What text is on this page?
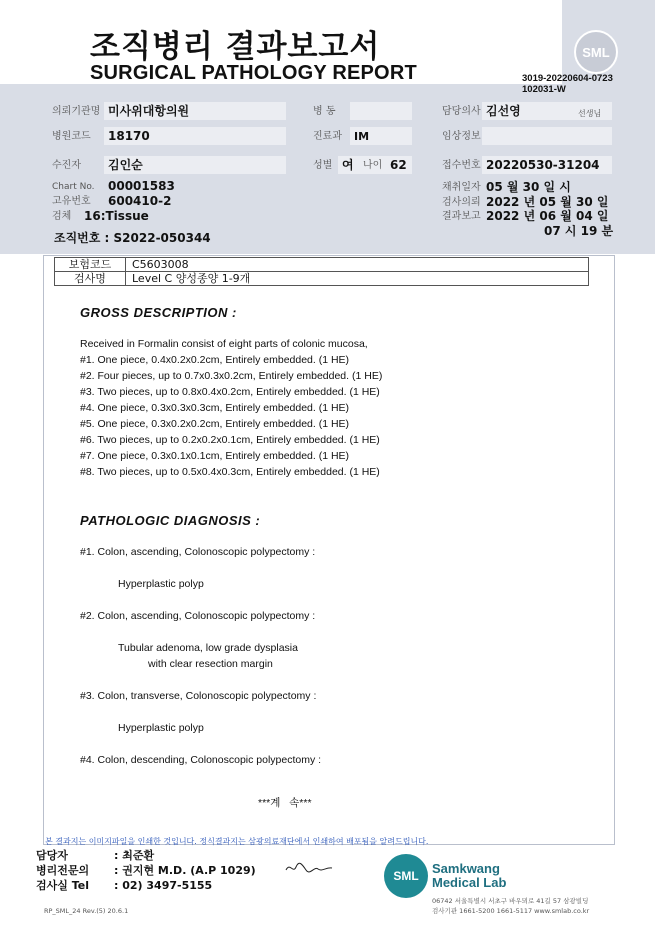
조직병리 결과보고서
SURGICAL PATHOLOGY REPORT
SML
3019-20220604-0723
102031-W
의뢰기관명 미사위대항의원	병 동	담당의사 김선영	선생님
병원코드 18170	진료과 IM	임상정보
수진자 김인순	성별 여 나이 62	접수번호 20220530-31204
Chart No. 00001583
고유번호 600410-2
검체 16:Tissue
채취일자 05 월 30 일 시
검사의뢰 2022 년 05 월 30 일
결과보고 2022 년 06 월 04 일
07 시 19 분
조직번호 : S2022-050344
보험코드	C5603008
검사명	Level C 양성종양 1-9개
GROSS DESCRIPTION :
Received in Formalin consist of eight parts of colonic mucosa,
#1. One piece, 0.4x0.2x0.2cm, Entirely embedded. (1 HE)
#2. Four pieces, up to 0.7x0.3x0.2cm, Entirely embedded. (1 HE)
#3. Two pieces, up to 0.8x0.4x0.2cm, Entirely embedded. (1 HE)
#4. One piece, 0.3x0.3x0.3cm, Entirely embedded. (1 HE)
#5. One piece, 0.3x0.2x0.2cm, Entirely embedded. (1 HE)
#6. Two pieces, up to 0.2x0.2x0.1cm, Entirely embedded. (1 HE)
#7. One piece, 0.3x0.1x0.1cm, Entirely embedded. (1 HE)
#8. Two pieces, up to 0.5x0.4x0.3cm, Entirely embedded. (1 HE)
PATHOLOGIC DIAGNOSIS :
#1. Colon, ascending, Colonoscopic polypectomy :
Hyperplastic polyp
#2. Colon, ascending, Colonoscopic polypectomy :
Tubular adenoma, low grade dysplasia
with clear resection margin
#3. Colon, transverse, Colonoscopic polypectomy :
Hyperplastic polyp
#4. Colon, descending, Colonoscopic polypectomy :
***계   속***
본 결과지는 이미지파일을 인쇄한 것입니다. 정식결과지는 삼광의료재단에서 인쇄하여 배포됨을 알려드립니다.
담당자	: 최준환
병리전문의 : 권지현 M.D. (A.P 1029)
검사실 Tel : 02) 3497-5155
SML	Samkwang
Medical Lab
06742 서울특별시 서초구 바우뫼로 41길 57 삼광빌딩
검사기관 1661-5200 1661-5117 www.smlab.co.kr
RP_SML_24 Rev.(5) 20.6.1
